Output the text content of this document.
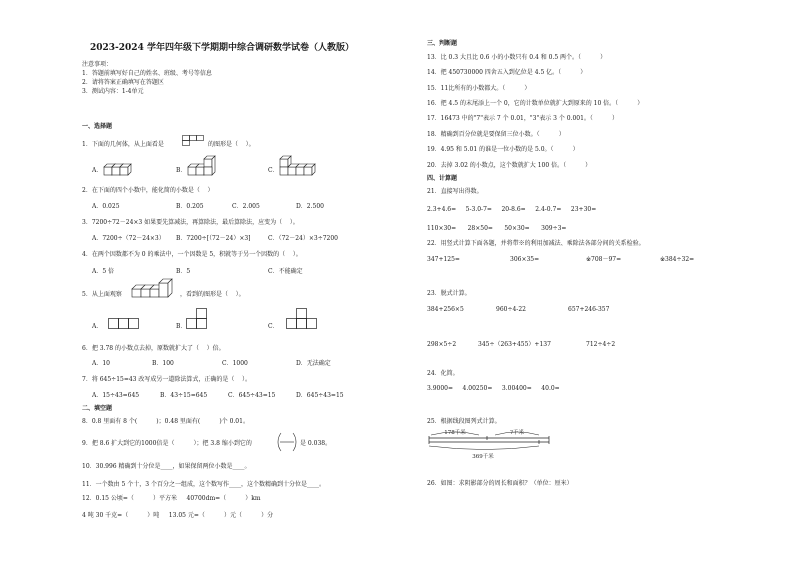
2023-2024 学年四年级下学期期中综合调研数学试卷（人教版）
注意事项：
1．答题前填写好自己的姓名、班级、考号等信息
2．请将答案正确填写在答题区
3．测试内容：1-4单元
一、选择题
1．下面的几何体，从上面看是	的图形是（    ）。
A．	B．	C．
2．在下面的四个小数中，能化简的小数是（    ）
A．0.025	B．0.205	C．2.005	D．2.500
3．7200÷72－24×3 如果要先算减法，再算除法，最后算除法，应变为（    ）。
A．7200÷（72－24×3） B．7200÷[（72－24）×3]	C．（72－24）×3÷7200
4．在两个因数都不为 0 的乘法中，一个因数是 5，积就等于另一个因数的（    ）。
A．5 倍	B．5	C．不能确定
5．从上面观察	，看到的图形是（    ）。
A．	B．	C．
6．把 3.78 的小数点去掉，原数就扩大了（    ）倍。
A．10	B．100	C．1000	D．无法确定
7．将 645÷15=43 改写成另一道除法算式，正确的是（    ）。
A．15÷43=645	B．43÷15=645	C．645÷43=15	D．645÷43=15
二、填空题
8．0.8 里面有 8 个(          )；0.48 里面有(          )个 0.01。
9．把 8.6 扩大到它的1000倍是（          ）；把 3.8 缩小到它的	是 0.038。
10．30.996 精确到十分位是____，如果保留两位小数是____。
11．一个数由 5 个十，3 个百分之一组成，这个数写作____，这个数精确到十分位是____。
12．0.15 公顷=（          ）平方米     40700dm=（          ）km
4 吨 30 千克=（          ）吨     13.05 元=（          ）元（          ）分
三、判断题
13．比 0.3 大且比 0.6 小的小数只有 0.4 和 0.5 两个。（          ）
14．把 450730000 四舍五入到亿位是 4.5 亿。（          ）
15．11比所有的小数都大。（          ）
16．把 4.5 的末尾添上一个 0，它的计数单位就扩大到原来的 10 倍。（          ）
17．16473 中的"7"表示 7 个 0.01，"3"表示 3 个 0.001。（          ）
18．精确到百分位就是要保留三位小数。（          ）
19．4.95 和 5.01 的谁是一位小数的是 5.0。（          ）
20．去掉 3.02 的小数点，这个数就扩大 100 倍。（          ）
四、计算题
21．直接写出得数。
2.3+4.6=     5-3.0-7=     20-8.6=     2.4-0.7=     23+30=
110×30=      28×50=      50×30=      309÷3=
22．用竖式计算下面各题，并将带※的利用加减法、乘除法各部分间的关系检验。
347+125=	306×35=	※708－97=	※384÷32=
23．脱式计算。
384+256×5	960÷4-22	657+246-357
298×5÷2	345÷（263+455）+137	712÷4÷2
24．化简。
3.9000=     4.00250=     3.00400=     40.0=
25．根据线段图列式计算。
178千米	?千米
369千米
26．如图：求阴影部分的周长和面积？（单位：厘米）
